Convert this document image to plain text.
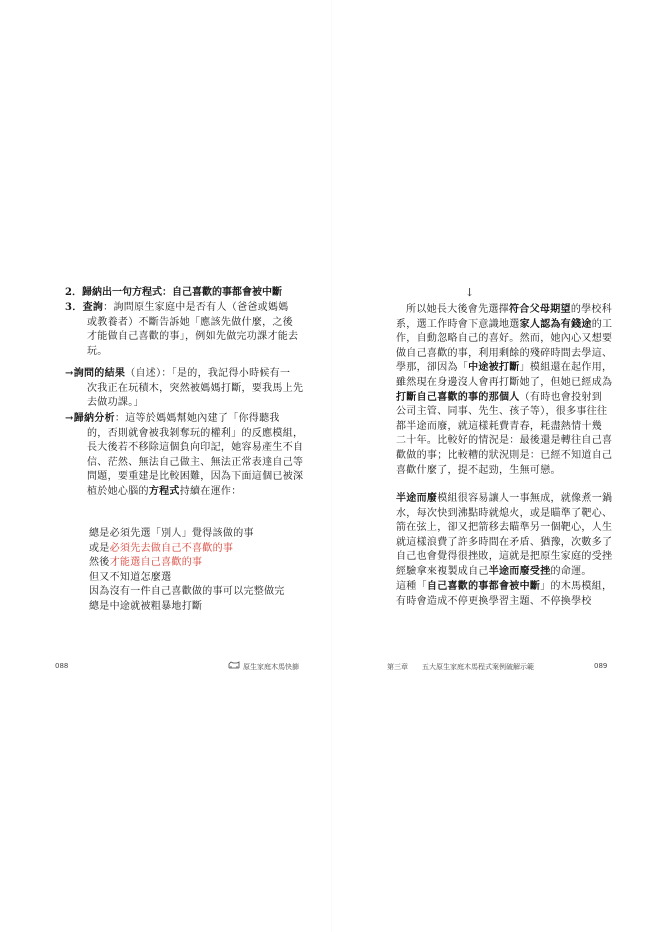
2．歸納出一句方程式：自己喜歡的事都會被中斷
3．查詢：詢問原生家庭中是否有人（爸爸或媽媽
或教養者）不斷告訴她「應該先做什麼，之後
才能做自己喜歡的事」，例如先做完功課才能去
玩。
→詢問的結果（自述）：「是的，我記得小時候有一
次我正在玩積木，突然被媽媽打斷，要我馬上先
去做功課。」
→歸納分析：這等於媽媽幫她內建了「你得聽我
的，否則就會被我剝奪玩的權利」的反應模組，
長大後若不移除這個負向印記，她容易產生不自
信、茫然、無法自己做主、無法正常表達自己等
問題，要重建是比較困難，因為下面這個已被深
植於她心腦的方程式持續在運作：
總是必須先選「別人」覺得該做的事
或是必須先去做自己不喜歡的事
然後才能選自己喜歡的事
但又不知道怎麼選
因為沒有一件自己喜歡做的事可以完整做完
總是中途就被粗暴地打斷
088	原生家庭木馬快篩
↓
所以她長大後會先選擇符合父母期望的學校科
系，選工作時會下意識地選家人認為有錢途的工
作，自動忽略自己的喜好。然而，她內心又想要
做自己喜歡的事，利用剩餘的殘碎時間去學這、
學那，卻因為「中途被打斷」模組還在起作用，
雖然現在身邊沒人會再打斷她了，但她已經成為
打斷自己喜歡的事的那個人（有時也會投射到
公司主管、同事、先生、孩子等），很多事往往
都半途而廢，就這樣耗費青春，耗盡熱情十幾
二十年。比較好的情況是：最後還是轉往自己喜
歡做的事；比較糟的狀況則是：已經不知道自己
喜歡什麼了，提不起勁，生無可戀。
半途而廢模組很容易讓人一事無成，就像煮一鍋
水，每次快到沸點時就熄火，或是瞄準了靶心、
箭在弦上，卻又把箭移去瞄準另一個靶心，人生
就這樣浪費了許多時間在矛盾、猶豫，次數多了
自己也會覺得很挫敗，這就是把原生家庭的受挫
經驗拿來複製成自己半途而廢受挫的命運。
這種「自己喜歡的事都會被中斷」的木馬模組，
有時會造成不停更換學習主題、不停換學校
第三章 五大原生家庭木馬程式案例破解示範	089
